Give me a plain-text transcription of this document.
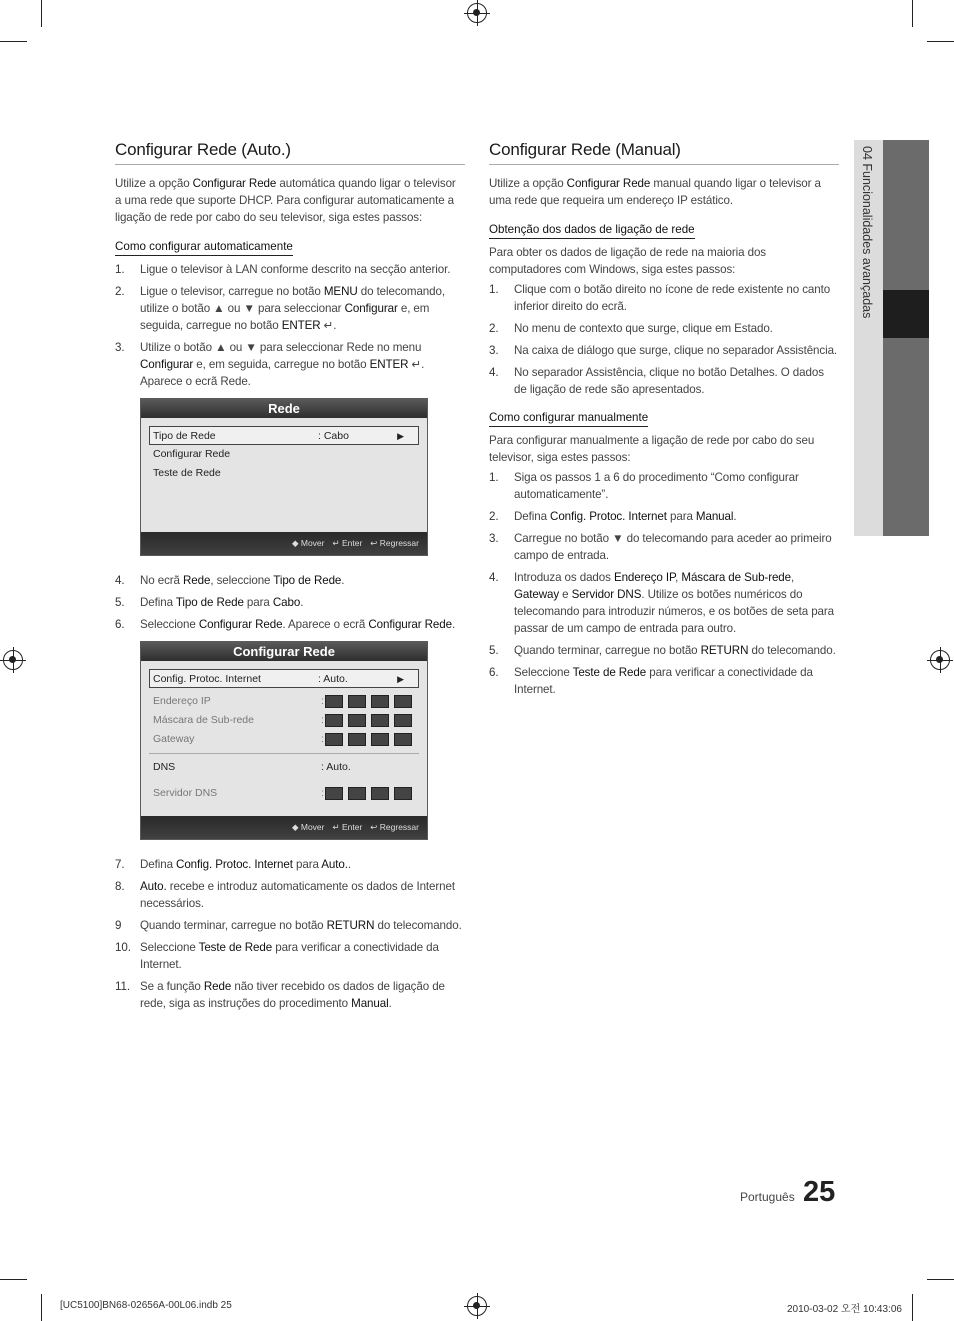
Configurar Rede (Auto.)

Utilize a opção Configurar Rede automática quando ligar o televisor a uma rede que suporte DHCP. Para configurar automaticamente a ligação de rede por cabo do seu televisor, siga estes passos:

Como configurar automaticamente
1. Ligue o televisor à LAN conforme descrito na secção anterior.
2. Ligue o televisor, carregue no botão MENU do telecomando, utilize o botão ▲ ou ▼ para seleccionar Configurar e, em seguida, carregue no botão ENTER ↵.
3. Utilize o botão ▲ ou ▼ para seleccionar Rede no menu Configurar e, em seguida, carregue no botão ENTER ↵. Aparece o ecrã Rede.
Rede
Tipo de Rede	: Cabo	▶
Configurar Rede
Teste de Rede
◆ Mover ↵ Enter ↩ Regressar
4. No ecrã Rede, seleccione Tipo de Rede.
5. Defina Tipo de Rede para Cabo.
6. Seleccione Configurar Rede. Aparece o ecrã Configurar Rede.
Configurar Rede
Config. Protoc. Internet	: Auto.	▶
Endereço IP	:
Máscara de Sub-rede	:
Gateway	:
DNS	: Auto.
Servidor DNS	:
◆ Mover ↵ Enter ↩ Regressar
7. Defina Config. Protoc. Internet para Auto..
8. Auto. recebe e introduz automaticamente os dados de Internet necessários.
9 Quando terminar, carregue no botão RETURN do telecomando.
10. Seleccione Teste de Rede para verificar a conectividade da Internet.
11. Se a função Rede não tiver recebido os dados de ligação de rede, siga as instruções do procedimento Manual.
Configurar Rede (Manual)

Utilize a opção Configurar Rede manual quando ligar o televisor a uma rede que requeira um endereço IP estático.

Obtenção dos dados de ligação de rede

Para obter os dados de ligação de rede na maioria dos computadores com Windows, siga estes passos:

1. Clique com o botão direito no ícone de rede existente no canto inferior direito do ecrã.
2. No menu de contexto que surge, clique em Estado.
3. Na caixa de diálogo que surge, clique no separador Assistência.
4. No separador Assistência, clique no botão Detalhes. O dados de ligação de rede são apresentados.
Como configurar manualmente

Para configurar manualmente a ligação de rede por cabo do seu televisor, siga estes passos:

1. Siga os passos 1 a 6 do procedimento “Como configurar automaticamente”.
2. Defina Config. Protoc. Internet para Manual.
3. Carregue no botão ▼ do telecomando para aceder ao primeiro campo de entrada.
4. Introduza os dados Endereço IP, Máscara de Sub-rede, Gateway e Servidor DNS. Utilize os botões numéricos do telecomando para introduzir números, e os botões de seta para passar de um campo de entrada para outro.
5. Quando terminar, carregue no botão RETURN do telecomando.
6. Seleccione Teste de Rede para verificar a conectividade da Internet.
04 Funcionalidades avançadas
Português 25
[UC5100]BN68-02656A-00L06.indb 25	2010-03-02 오전 10:43:06
